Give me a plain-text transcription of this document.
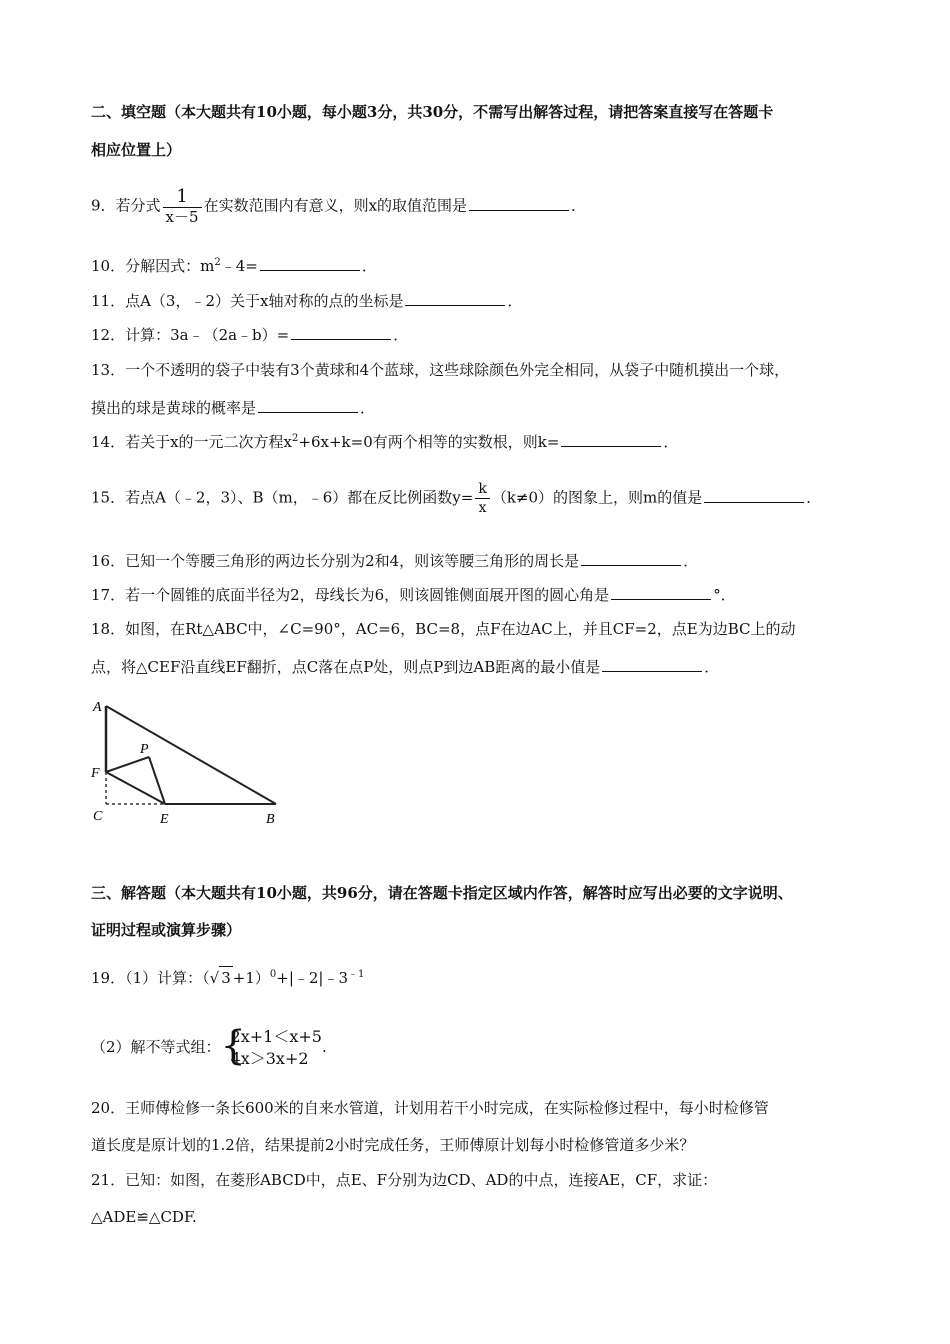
二、填空题（本大题共有10小题，每小题3分，共30分，不需写出解答过程，请把答案直接写在答题卡
相应位置上）
9．若分式 $\frac{1}{x-5}$ 在实数范围内有意义，则x的取值范围是	．
10．分解因式：$m^2﹣4=$	．
11．点A（3，﹣2）关于x轴对称的点的坐标是	．
12．计算：3a﹣（2a﹣b）=	．
13．一个不透明的袋子中装有3个黄球和4个蓝球，这些球除颜色外完全相同，从袋子中随机摸出一个球，
摸出的球是黄球的概率是	．
14．若关于x的一元二次方程$x^2+6x+k=0$有两个相等的实数根，则k=	．
15．若点A（﹣2，3）、B（m，﹣6）都在反比例函数$y= \frac{k}{x} (k\ne 0)$的图象上，则m的值是	．
16．已知一个等腰三角形的两边长分别为2和4，则该等腰三角形的周长是	．
17．若一个圆锥的底面半径为2，母线长为6，则该圆锥侧面展开图的圆心角是	°．
18．如图，在Rt△ABC中，∠C=90°，AC=6，BC=8，点F在边AC上，并且CF=2，点E为边BC上的动
点，将△CEF沿直线EF翻折，点C落在点P处，则点P到边AB距离的最小值是	．
A
P
F
C	E	B
三、解答题（本大题共有10小题，共96分，请在答题卡指定区域内作答，解答时应写出必要的文字说明、
证明过程或演算步骤）
19．（1）计算：（√ $3 +1)^0+|﹣2|﹣3^{﹣1}$
（2）解不等式组： {
2x+1＜x+5
4x＞3x+2
.
20．王师傅检修一条长600米的自来水管道，计划用若干小时完成，在实际检修过程中，每小时检修管
道长度是原计划的1.2倍，结果提前2小时完成任务，王师傅原计划每小时检修管道多少米？
21．已知：如图，在菱形ABCD中，点E、F分别为边CD、AD的中点，连接AE，CF，求证：
△ADE≌△CDF.
